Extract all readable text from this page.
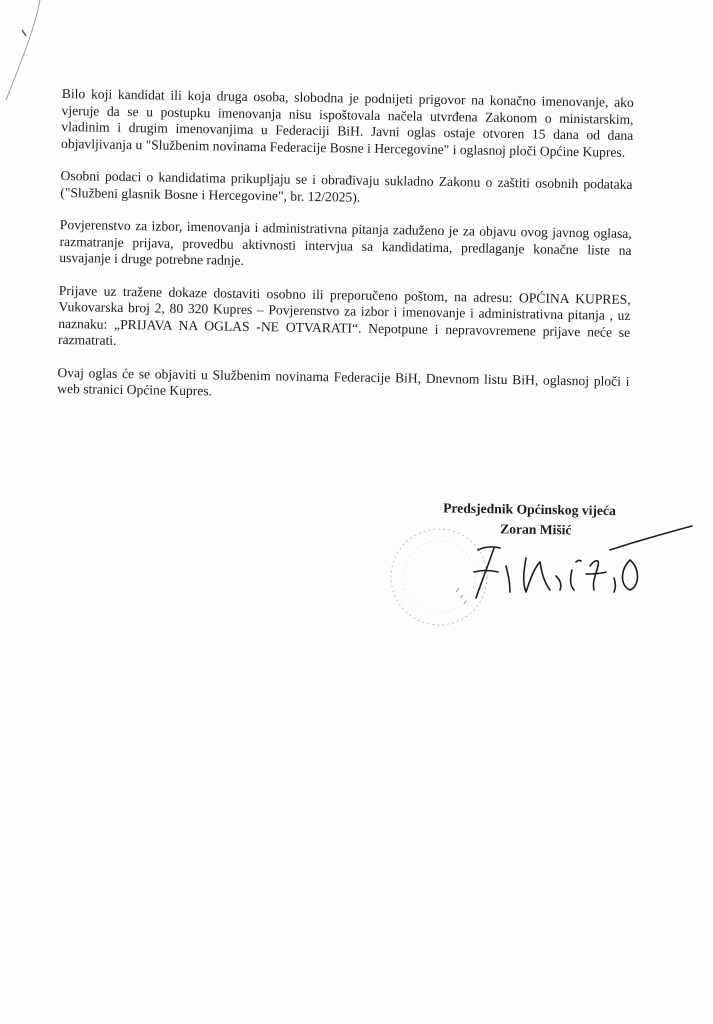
Bilo koji kandidat ili koja druga osoba, slobodna je podnijeti prigovor na konačno imenovanje, ako vjeruje da se u postupku imenovanja nisu ispoštovala načela utvrđena Zakonom o ministarskim, vladinim i drugim imenovanjima u Federaciji BiH. Javni oglas ostaje otvoren 15 dana od dana objavljivanja u "Službenim novinama Federacije Bosne i Hercegovine" i oglasnoj ploči Općine Kupres.

Osobni podaci o kandidatima prikupljaju se i obrađivaju sukladno Zakonu o zaštiti osobnih podataka ("Službeni glasnik Bosne i Hercegovine", br. 12/2025).

Povjerenstvo za izbor, imenovanja i administrativna pitanja zaduženo je za objavu ovog javnog oglasa, razmatranje prijava, provedbu aktivnosti intervjua sa kandidatima, predlaganje konačne liste na usvajanje i druge potrebne radnje.

Prijave uz tražene dokaze dostaviti osobno ili preporučeno poštom, na adresu: OPĆINA KUPRES, Vukovarska broj 2, 80 320 Kupres – Povjerenstvo za izbor i imenovanje i administrativna pitanja , uz naznaku: „PRIJAVA NA OGLAS -NE OTVARATI“. Nepotpune i nepravovremene prijave neće se razmatrati.

Ovaj oglas će se objaviti u Službenim novinama Federacije BiH, Dnevnom listu BiH, oglasnoj ploči i web stranici Općine Kupres.

Predsjednik Općinskog vijeća
Zoran Mišić
